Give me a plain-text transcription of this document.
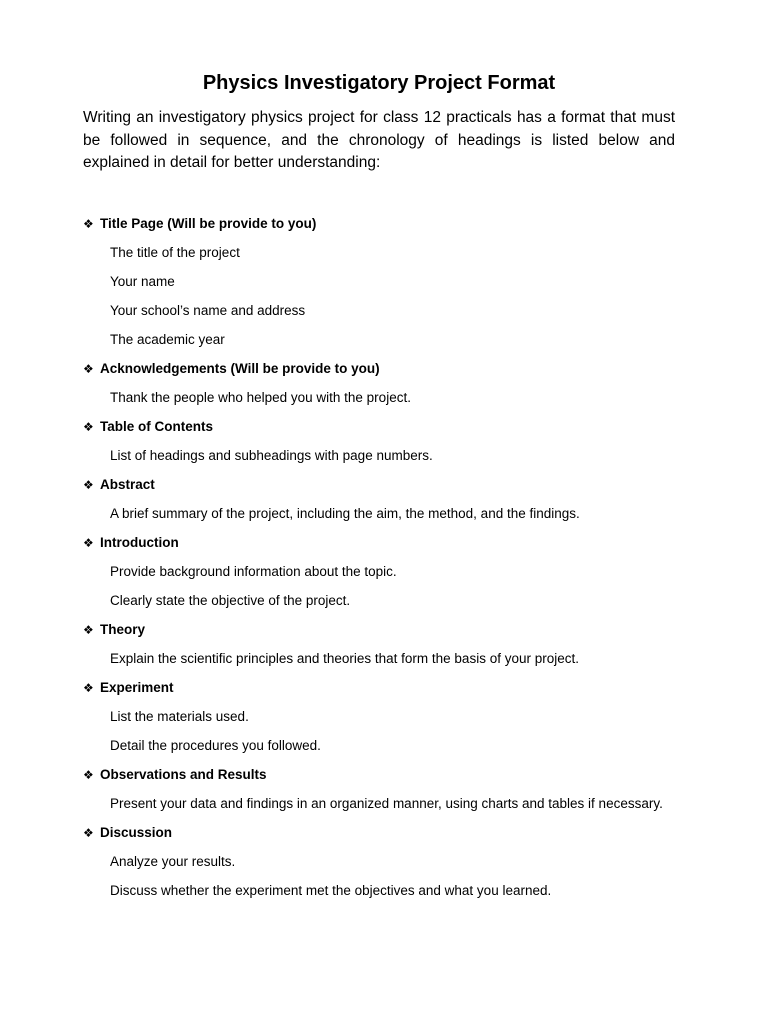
Physics Investigatory Project Format

Writing an investigatory physics project for class 12 practicals has a format that must be followed in sequence, and the chronology of headings is listed below and explained in detail for better understanding:

❖ Title Page (Will be provide to you)
The title of the project
Your name
Your school’s name and address
The academic year
❖ Acknowledgements (Will be provide to you)
Thank the people who helped you with the project.
❖ Table of Contents
List of headings and subheadings with page numbers.
❖ Abstract
A brief summary of the project, including the aim, the method, and the findings.
❖ Introduction
Provide background information about the topic.
Clearly state the objective of the project.
❖ Theory
Explain the scientific principles and theories that form the basis of your project.
❖ Experiment
List the materials used.
Detail the procedures you followed.
❖ Observations and Results
Present your data and findings in an organized manner, using charts and tables if necessary.
❖ Discussion
Analyze your results.
Discuss whether the experiment met the objectives and what you learned.
